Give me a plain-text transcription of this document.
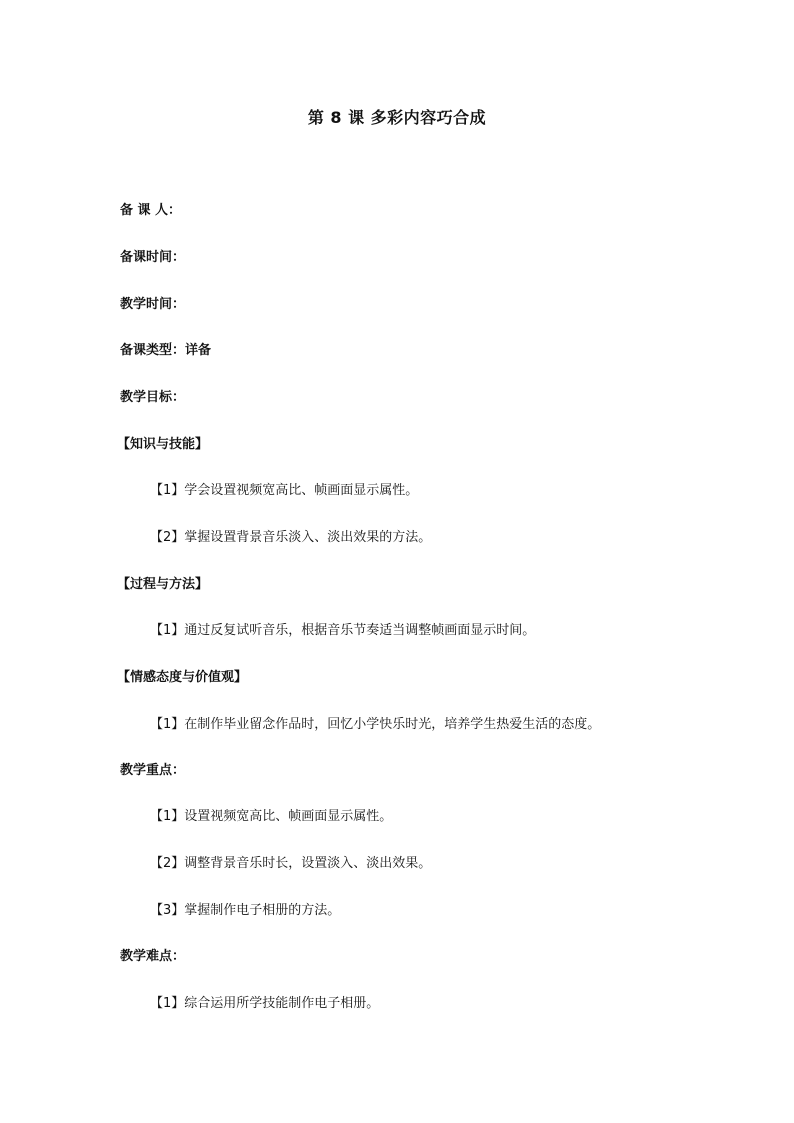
第 8 课 多彩内容巧合成
备 课 人：
备课时间：
教学时间：
备课类型：详备
教学目标：
【知识与技能】
【1】学会设置视频宽高比、帧画面显示属性。
【2】掌握设置背景音乐淡入、淡出效果的方法。
【过程与方法】
【1】通过反复试听音乐，根据音乐节奏适当调整帧画面显示时间。
【情感态度与价值观】
【1】在制作毕业留念作品时，回忆小学快乐时光，培养学生热爱生活的态度。
教学重点：
【1】设置视频宽高比、帧画面显示属性。
【2】调整背景音乐时长，设置淡入、淡出效果。
【3】掌握制作电子相册的方法。
教学难点：
【1】综合运用所学技能制作电子相册。
